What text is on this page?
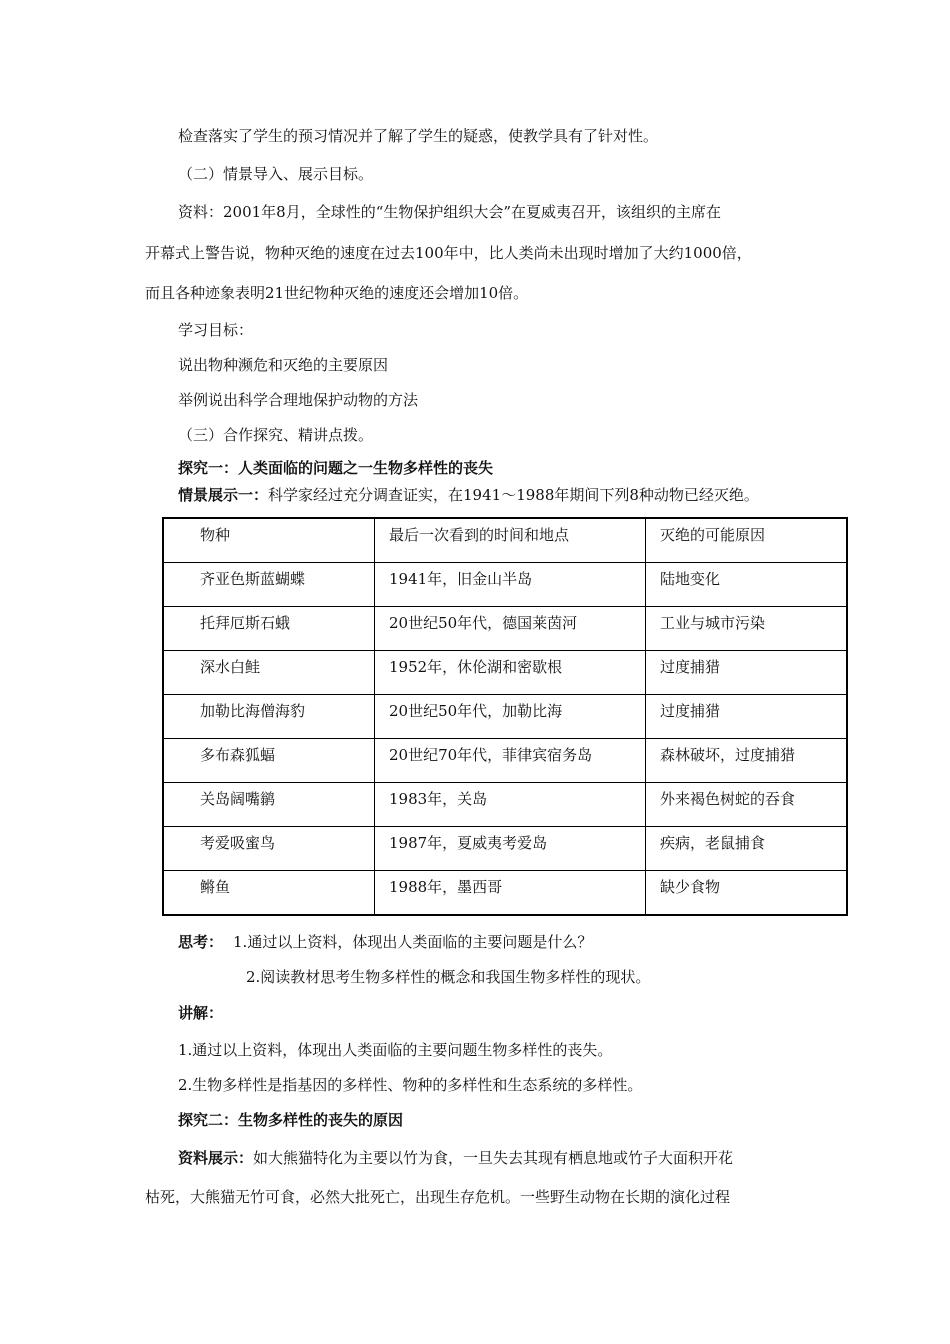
检查落实了学生的预习情况并了解了学生的疑惑，使教学具有了针对性。
（二）情景导入、展示目标。
资料：2001年8月，全球性的“生物保护组织大会”在夏威夷召开，该组织的主席在
开幕式上警告说，物种灭绝的速度在过去100年中，比人类尚未出现时增加了大约1000倍，
而且各种迹象表明21世纪物种灭绝的速度还会增加10倍。
学习目标：
说出物种濒危和灭绝的主要原因
举例说出科学合理地保护动物的方法
（三）合作探究、精讲点拨。
探究一：人类面临的问题之一生物多样性的丧失
情景展示一：科学家经过充分调查证实，在1941～1988年期间下列8种动物已经灭绝。
物种	最后一次看到的时间和地点	灭绝的可能原因
齐亚色斯蓝蝴蝶	1941年，旧金山半岛	陆地变化
托拜厄斯石蛾	20世纪50年代，德国莱茵河	工业与城市污染
深水白鲑	1952年，休伦湖和密歇根	过度捕猎
加勒比海僧海豹	20世纪50年代，加勒比海	过度捕猎
多布森狐蝠	20世纪70年代，菲律宾宿务岛	森林破坏，过度捕猎
关岛阔嘴鹟	1983年，关岛	外来褐色树蛇的吞食
考爱吸蜜鸟	1987年，夏威夷考爱岛	疾病，老鼠捕食
鳉鱼	1988年，墨西哥	缺少食物
思考： 1.通过以上资料，体现出人类面临的主要问题是什么？
2.阅读教材思考生物多样性的概念和我国生物多样性的现状。
讲解：
1.通过以上资料，体现出人类面临的主要问题生物多样性的丧失。
2.生物多样性是指基因的多样性、物种的多样性和生态系统的多样性。
探究二：生物多样性的丧失的原因
资料展示：如大熊猫特化为主要以竹为食，一旦失去其现有栖息地或竹子大面积开花
枯死，大熊猫无竹可食，必然大批死亡，出现生存危机。一些野生动物在长期的演化过程
